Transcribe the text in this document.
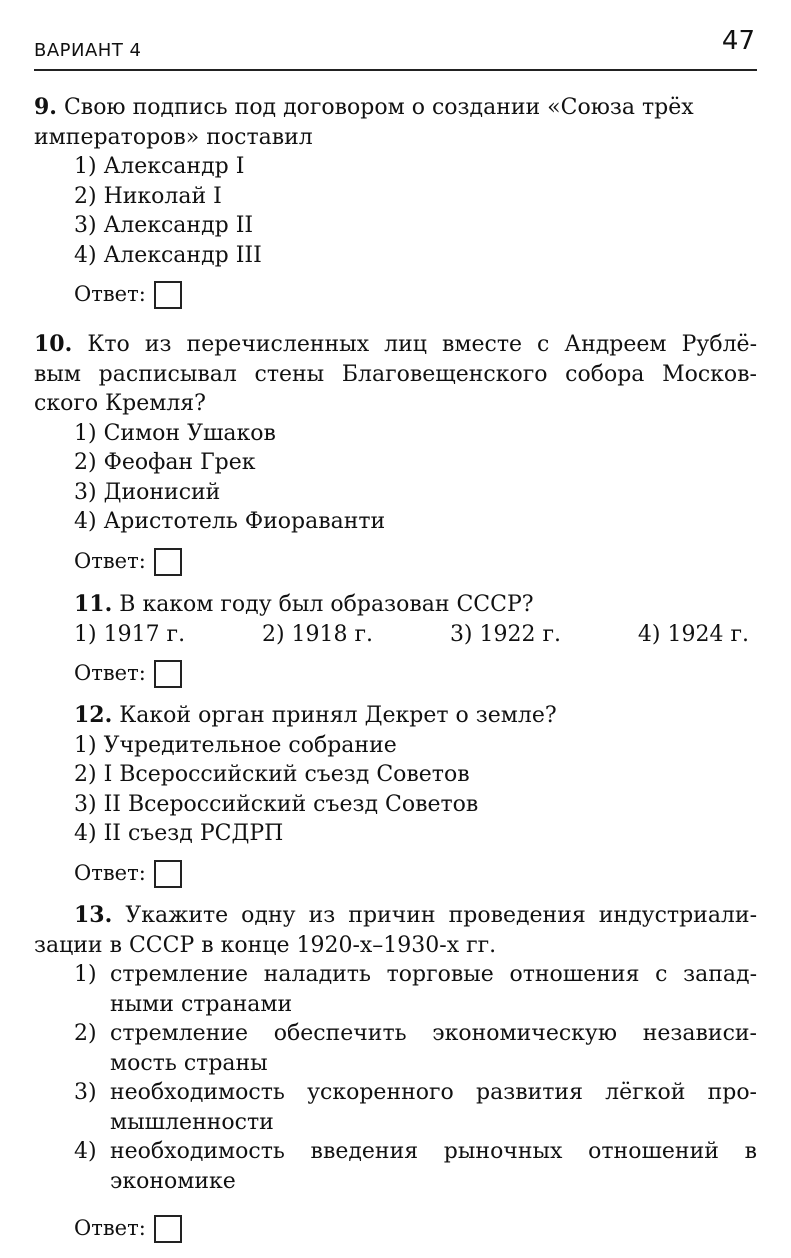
ВАРИАНТ 4	47
9. Свою подпись под договором о создании «Союза трёх
императоров» поставил
1) Александр I
2) Николай I
3) Александр II
4) Александр III
Ответ:
10. Кто из перечисленных лиц вместе с Андреем Рублё-
вым расписывал стены Благовещенского собора Москов-
ского Кремля?
1) Симон Ушаков
2) Феофан Грек
3) Дионисий
4) Аристотель Фиораванти
Ответ:
11. В каком году был образован СССР?
1) 1917 г.	2) 1918 г.	3) 1922 г.	4) 1924 г.
Ответ:
12. Какой орган принял Декрет о земле?
1) Учредительное собрание
2) I Всероссийский съезд Советов
3) II Всероссийский съезд Советов
4) II съезд РСДРП
Ответ:
13. Укажите одну из причин проведения индустриали-
зации в СССР в конце 1920-х–1930-х гг.
1) стремление наладить торговые отношения с запад-
ными странами
2) стремление обеспечить экономическую независи-
мость страны
3) необходимость ускоренного развития лёгкой про-
мышленности
4) необходимость введения рыночных отношений в
экономике
Ответ:
